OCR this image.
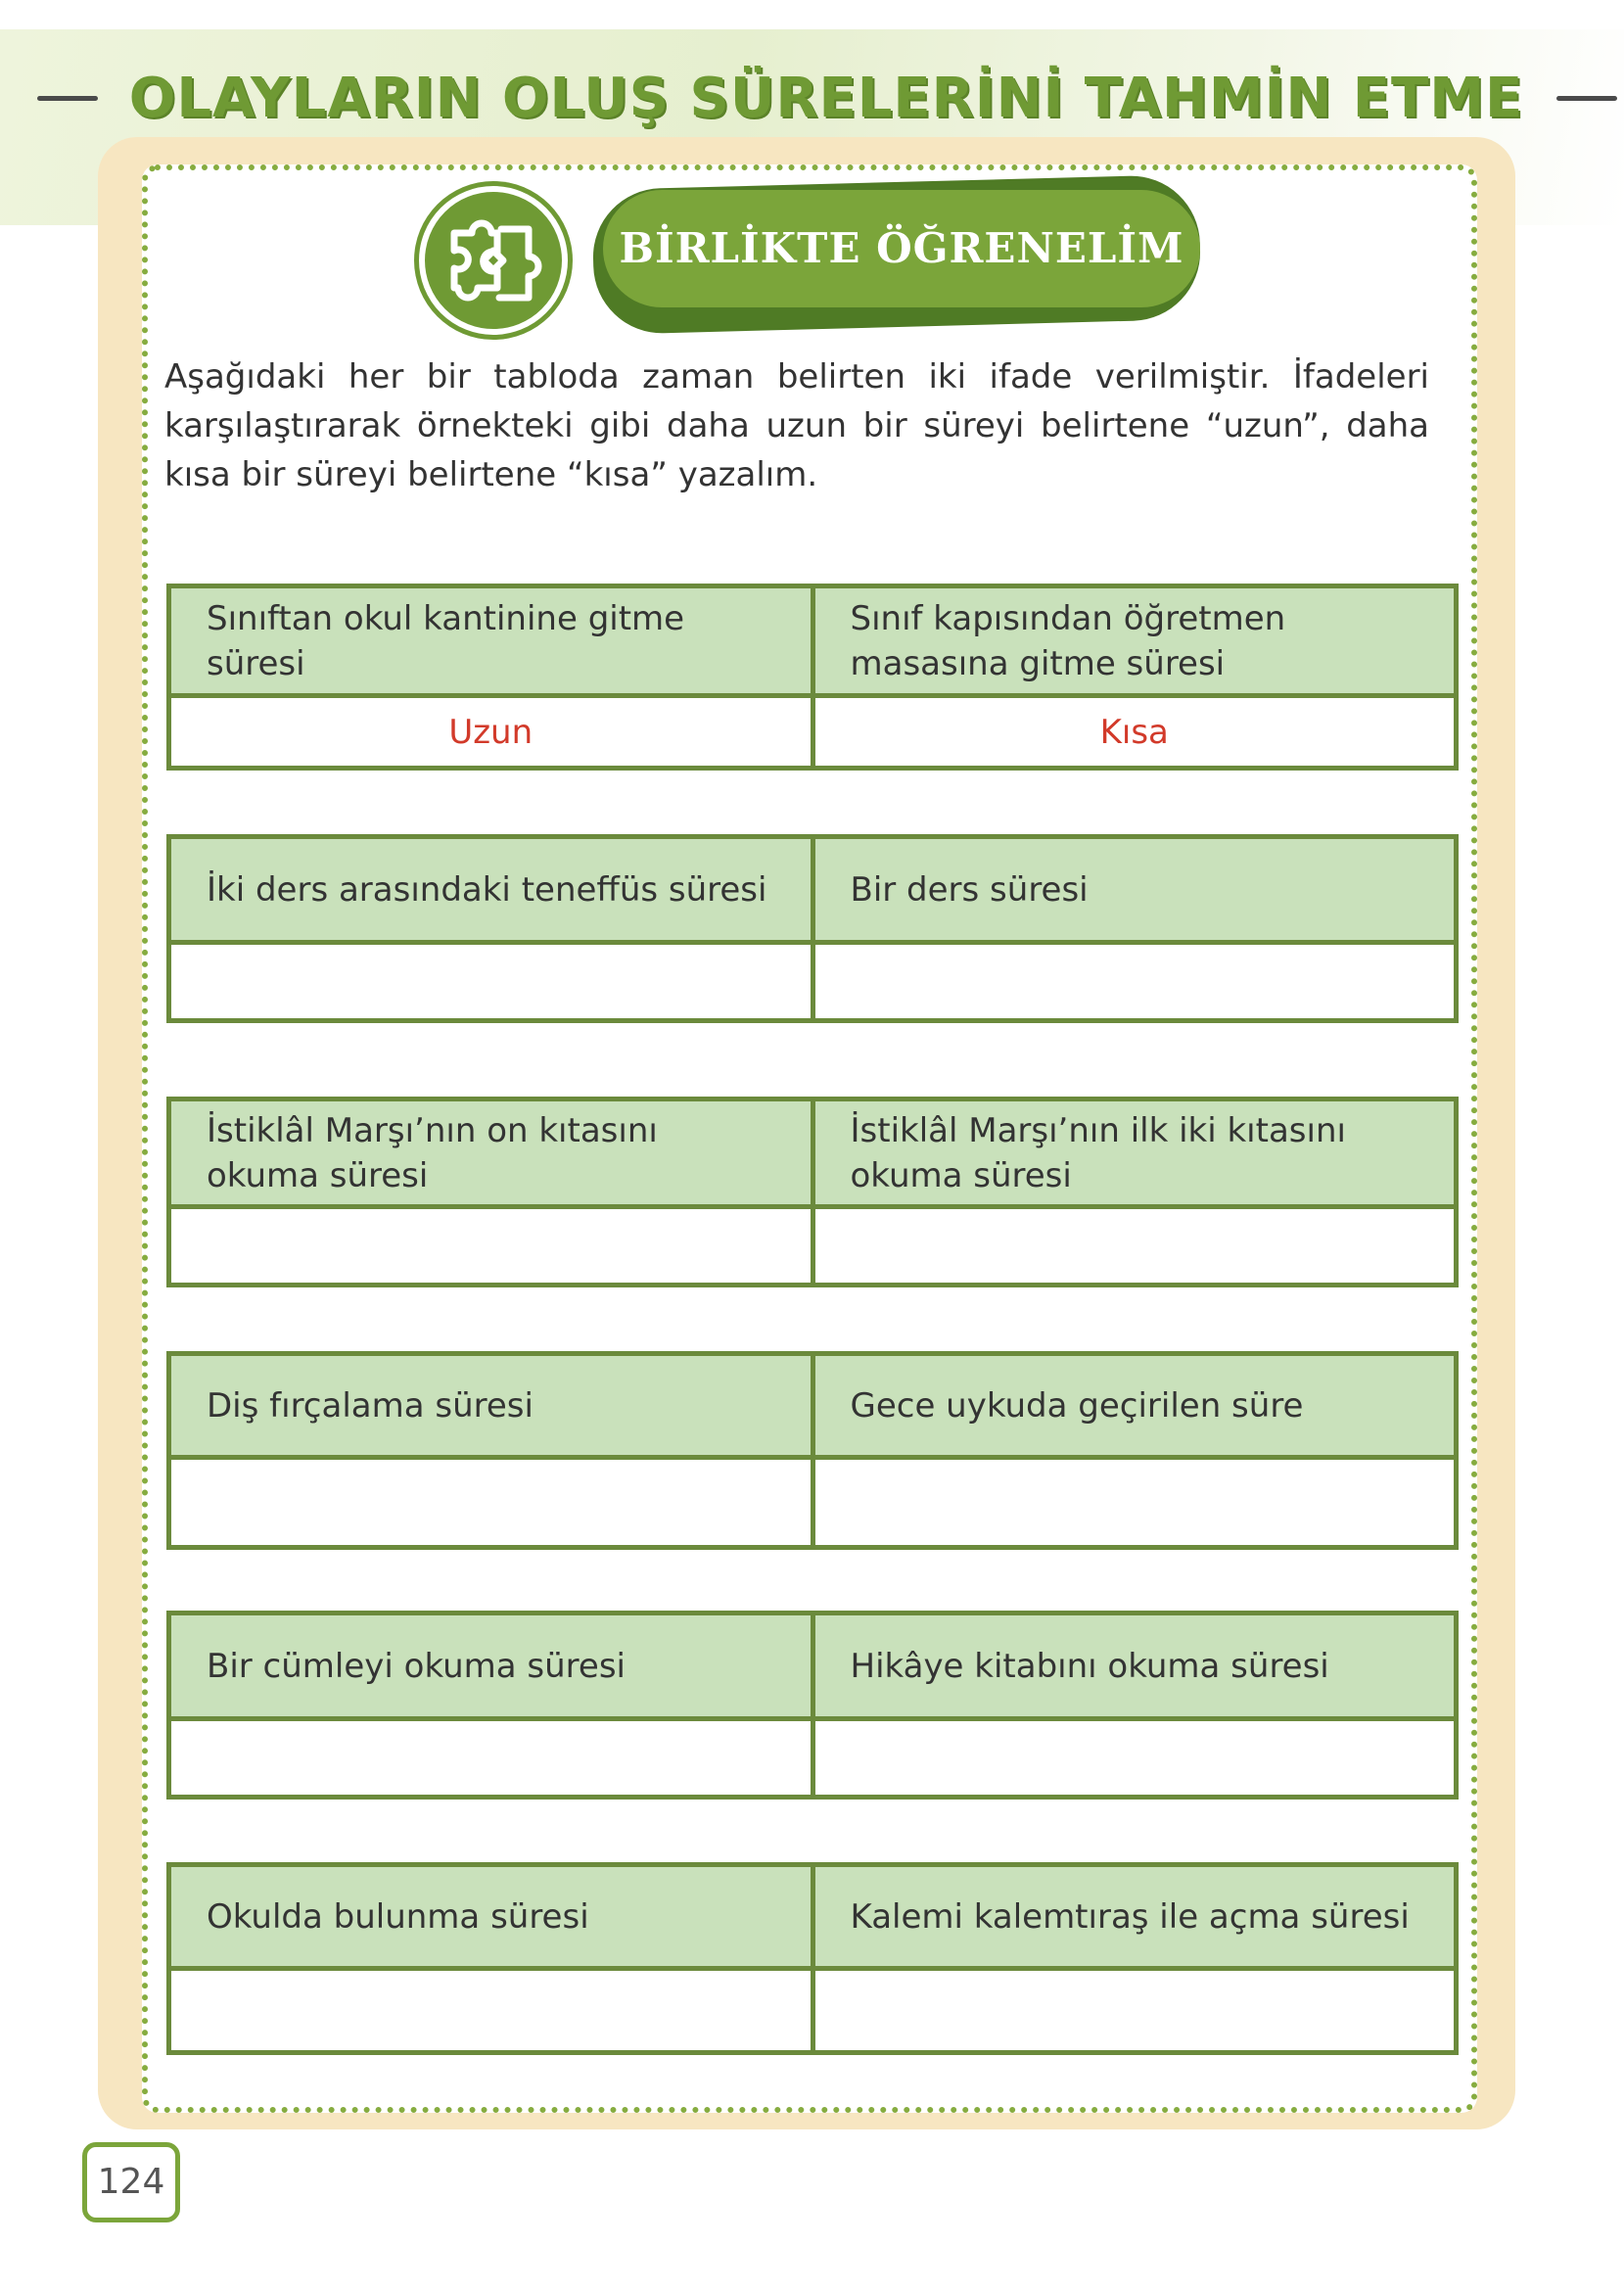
OLAYLARIN OLUŞ SÜRELERİNİ TAHMİN ETME
BİRLİKTE ÖĞRENELİM

Aşağıdaki her bir tabloda zaman belirten iki ifade verilmiştir. İfadeleri karşılaştırarak örnekteki gibi daha uzun bir süreyi belirtene “uzun”, daha kısa bir süreyi belirtene “kısa” yazalım.

Sınıftan okul kantinine gitme süresi	Sınıf kapısından öğretmen masasına gitme süresi
Uzun	Kısa
İki ders arasındaki teneffüs süresi	Bir ders süresi

İstiklâl Marşı’nın on kıtasını okuma süresi	İstiklâl Marşı’nın ilk iki kıtasını okuma süresi

Diş fırçalama süresi	Gece uykuda geçirilen süre

Bir cümleyi okuma süresi	Hikâye kitabını okuma süresi

Okulda bulunma süresi	Kalemi kalemtıraş ile açma süresi

124
